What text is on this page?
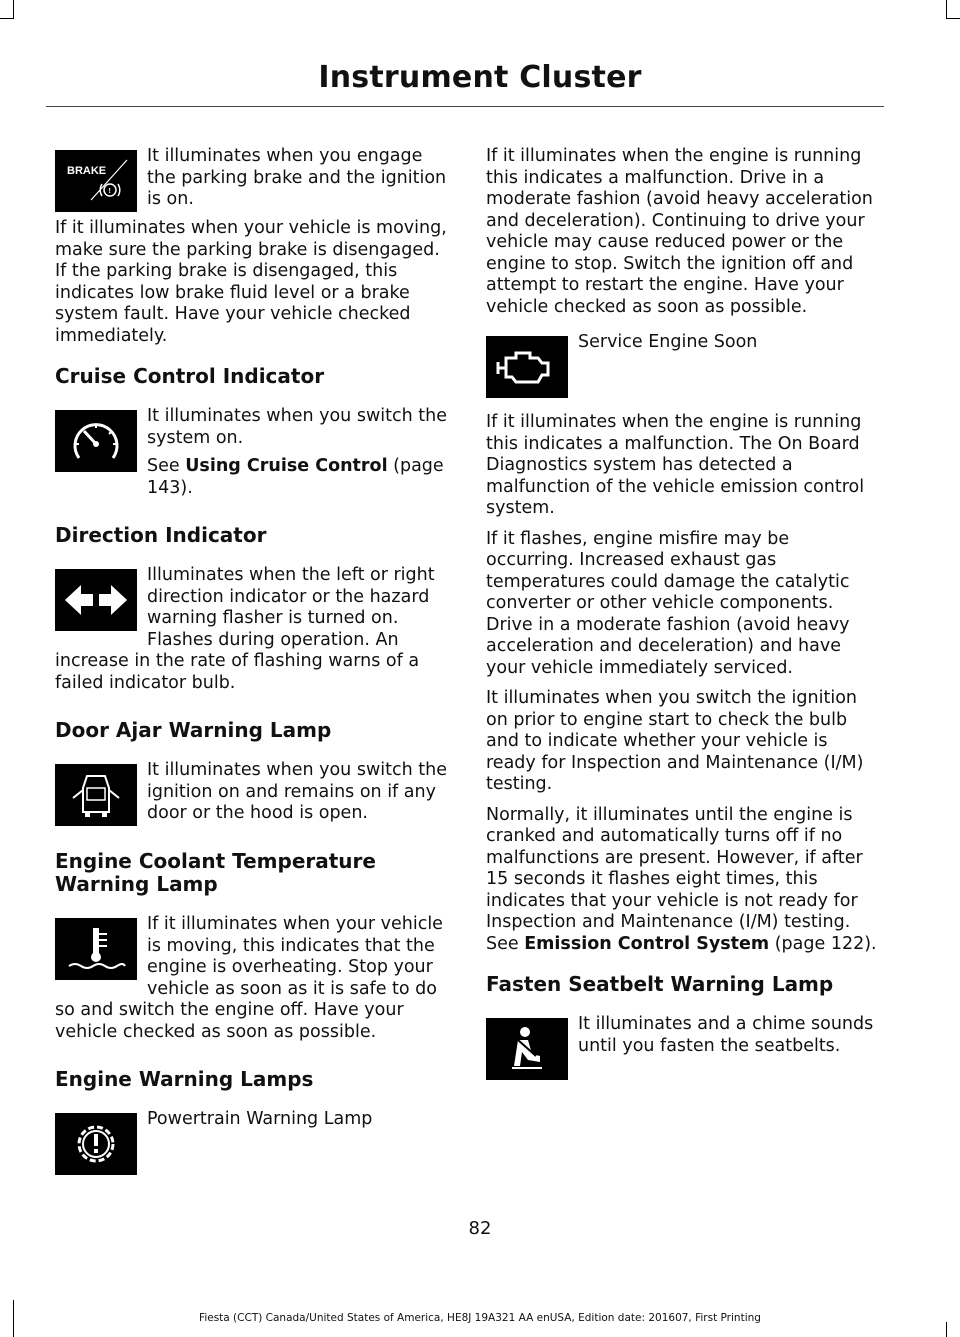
Instrument Cluster
BRAKE
!

It illuminates when you engage the parking brake and the ignition is on.

If it illuminates when your vehicle is moving, make sure the parking brake is disengaged. If the parking brake is disengaged, this indicates low brake fluid level or a brake system fault. Have your vehicle checked immediately.

Cruise Control Indicator

It illuminates when you switch the system on.

See Using Cruise Control (page 143).

Direction Indicator

Illuminates when the left or right direction indicator or the hazard warning flasher is turned on. Flashes during operation. An increase in the rate of flashing warns of a failed indicator bulb.

Door Ajar Warning Lamp

It illuminates when you switch the ignition on and remains on if any door or the hood is open.

Engine Coolant Temperature Warning Lamp

If it illuminates when your vehicle is moving, this indicates that the engine is overheating. Stop your vehicle as soon as it is safe to do so and switch the engine off. Have your vehicle checked as soon as possible.

Engine Warning Lamps

Powertrain Warning Lamp

If it illuminates when the engine is running this indicates a malfunction. Drive in a moderate fashion (avoid heavy acceleration and deceleration). Continuing to drive your vehicle may cause reduced power or the engine to stop. Switch the ignition off and attempt to restart the engine. Have your vehicle checked as soon as possible.

Service Engine Soon

If it illuminates when the engine is running this indicates a malfunction. The On Board Diagnostics system has detected a malfunction of the vehicle emission control system.

If it flashes, engine misfire may be occurring. Increased exhaust gas temperatures could damage the catalytic converter or other vehicle components. Drive in a moderate fashion (avoid heavy acceleration and deceleration) and have your vehicle immediately serviced.

It illuminates when you switch the ignition on prior to engine start to check the bulb and to indicate whether your vehicle is ready for Inspection and Maintenance (I/M) testing.

Normally, it illuminates until the engine is cranked and automatically turns off if no malfunctions are present. However, if after 15 seconds it flashes eight times, this indicates that your vehicle is not ready for Inspection and Maintenance (I/M) testing. See Emission Control System (page 122).

Fasten Seatbelt Warning Lamp

It illuminates and a chime sounds until you fasten the seatbelts.

82
Fiesta (CCT) Canada/United States of America, HE8J 19A321 AA enUSA, Edition date: 201607, First Printing
